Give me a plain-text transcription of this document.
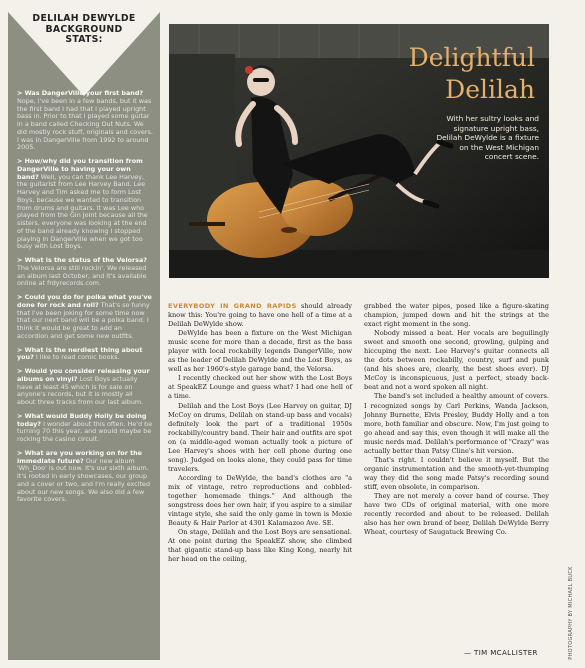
DELILAH DEWYLDE
BACKGROUND
STATS:
> Was DangerVille your first band? Nope, I've been in a few bands, but it was the first band I had that I played upright bass in. Prior to that I played some guitar in a band called Checking Out Nuts. We did mostly rock stuff, originals and covers. I was in DangerVille from 1992 to around 2005.
> How/why did you transition from DangerVille to having your own band? Well, you can thank Lee Harvey, the guitarist from Lee Harvey Band. Lee Harvey and Tim asked me to form Lost Boys, because we wanted to transition from drums and guitars. It was Lee who played from the Gin Joint because all the sisters, everyone was looking at the end of the band already knowing I stopped playing in DangerVille when we got too busy with Lost Boys.
> What is the status of the Velorsa? The Velorsa are still rockin'. We released an album last October, and it's available online at frdyrecords.com.
> Could you do for polka what you've done for rock and roll? That's so funny that I've been joking for some time now that our next band will be a polka band. I think it would be great to add an accordion and get some new outfits.
> What is the nerdiest thing about you? I like to read comic books.
> Would you consider releasing your albums on vinyl? Lost Boys actually have at least 45 which is for sale on anyone's records, but it is mostly all about three tracks from our last album.
> What would Buddy Holly be doing today? I wonder about this often. He'd be turning 70 this year, and would maybe be rocking the casino circuit.
> What are you working on for the immediate future? Our new album 'Wh_Doo' is out now. It's our sixth album. It's rooted in early showcases, our group and a cover or two, and I'm really excited about our new songs. We also did a few favorite covers.
Delightful
Delilah
With her sultry looks and signature upright bass, Delilah DeWylde is a fixture on the West Michigan concert scene.

EVERYBODY IN GRAND RAPIDS should already know this: You're going to have one hell of a time at a Delilah DeWylde show.

DeWylde has been a fixture on the West Michigan music scene for more than a decade, first as the bass player with local rockabilly legends DangerVille, now as the leader of Delilah DeWylde and the Lost Boys, as well as her 1960's-style garage band, the Velorsa.

I recently checked out her show with the Lost Boys at SpeakEZ Lounge and guess what? I had one hell of a time.

Delilah and the Lost Boys (Lee Harvey on guitar, DJ McCoy on drums, Delilah on stand-up bass and vocals) definitely look the part of a traditional 1950s rockabilly/country band. Their hair and outfits are spot on (a middle-aged woman actually took a picture of Lee Harvey's shoes with her cell phone during one song). Judged on looks alone, they could pass for time travelers.

According to DeWylde, the band's clothes are "a mix of vintage, retro reproductions and cobbled-together homemade things." And although the songstress does her own hair, if you aspire to a similar vintage style, she said the only game in town is Moxie Beauty & Hair Parlor at 4301 Kalamazoo Ave. SE.

On stage, Delilah and the Lost Boys are sensational. At one point during the SpeakEZ show, she climbed that gigantic stand-up bass like King Kong, nearly hit her head on the ceiling,

grabbed the water pipes, posed like a figure-skating champion, jumped down and hit the strings at the exact right moment in the song.

Nobody missed a beat. Her vocals are beguilingly sweet and smooth one second, growling, gulping and hiccuping the next. Lee Harvey's guitar connects all the dots between rockabilly, country, surf and punk (and his shoes are, clearly, the best shoes ever). DJ McCoy is inconspicuous, just a perfect, steady back-beat and not a word spoken all night.

The band's set included a healthy amount of covers. I recognized songs by Carl Perkins, Wanda Jackson, Johnny Burnette, Elvis Presley, Buddy Holly and a ton more, both familiar and obscure. Now, I'm just going to go ahead and say this, even though it will make all the music nerds mad. Delilah's performance of "Crazy" was actually better than Patsy Cline's hit version.

That's right. I couldn't believe it myself. But the organic instrumentation and the smooth-yet-thumping way they did the song made Patsy's recording sound stiff, even obsolete, in comparison.

They are not merely a cover band of course. They have two CDs of original material, with one more recently recorded and about to be released. Delilah also has her own brand of beer, Delilah DeWylde Berry Wheat, courtesy of Saugatuck Brewing Co.

— TIM MCALLISTER	PHOTOGRAPHY BY MICHAEL BUCK
